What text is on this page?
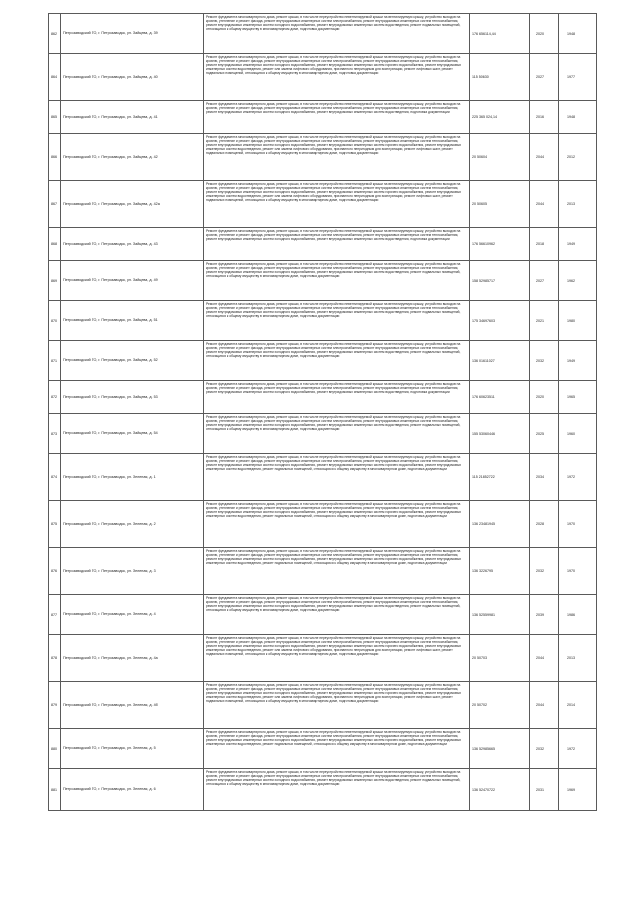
862	Петрозаводский ГО, г. Петрозаводск, ул. Зайцева, д. 39	Ремонт фундамента многоквартирного дома, ремонт крыши, в том числе переустройство невентилируемой крыши на вентилируемую крышу, устройство выходов на кровлю, утепление и ремонт фасада, ремонт внутридомовых инженерных систем электроснабжения, ремонт внутридомовых инженерных систем теплоснабжения, ремонт внутридомовых инженерных систем холодного водоснабжения, ремонт внутридомовых инженерных систем водоотведения, ремонт подвальных помещений, относящихся к общему имуществу в многоквартирном доме, подготовка документации	176 656114,44	2020	1948
864	Петрозаводский ГО, г. Петрозаводск, ул. Зайцева, д. 40	Ремонт фундамента многоквартирного дома, ремонт крыши, в том числе переустройство невентилируемой крыши на вентилируемую крышу, устройство выходов на кровлю, утепление и ремонт фасада, ремонт внутридомовых инженерных систем электроснабжения, ремонт внутридомовых инженерных систем теплоснабжения, ремонт внутридомовых инженерных систем холодного водоснабжения, ремонт внутридомовых инженерных систем горячего водоснабжения, ремонт внутридомовых инженерных систем водоотведения, ремонт или замена лифтового оборудования, признанного непригодным для эксплуатации, ремонт лифтовых шахт, ремонт подвальных помещений, относящихся к общему имуществу в многоквартирном доме, подготовка документации	115 50630	2027	1977
865	Петрозаводский ГО, г. Петрозаводск, ул. Зайцева, д. 41	Ремонт фундамента многоквартирного дома, ремонт крыши, в том числе переустройство невентилируемой крыши на вентилируемую крышу, устройство выходов на кровлю, утепление и ремонт фасада, ремонт внутридомовых инженерных систем электроснабжения, ремонт внутридомовых инженерных систем теплоснабжения, ремонт внутридомовых инженерных систем холодного водоснабжения, ремонт внутридомовых инженерных систем водоотведения, подготовка документации	225 365 024,14	2016	1948
866	Петрозаводский ГО, г. Петрозаводск, ул. Зайцева, д. 42	Ремонт фундамента многоквартирного дома, ремонт крыши, в том числе переустройство невентилируемой крыши на вентилируемую крышу, устройство выходов на кровлю, утепление и ремонт фасада, ремонт внутридомовых инженерных систем электроснабжения, ремонт внутридомовых инженерных систем теплоснабжения, ремонт внутридомовых инженерных систем холодного водоснабжения, ремонт внутридомовых инженерных систем горячего водоснабжения, ремонт внутридомовых инженерных систем водоотведения, ремонт или замена лифтового оборудования, признанного непригодным для эксплуатации, ремонт лифтовых шахт, ремонт подвальных помещений, относящихся к общему имуществу в многоквартирном доме, подготовка документации	20 50604	2044	2012
867	Петрозаводский ГО, г. Петрозаводск, ул. Зайцева, д. 42а	Ремонт фундамента многоквартирного дома, ремонт крыши, в том числе переустройство невентилируемой крыши на вентилируемую крышу, устройство выходов на кровлю, утепление и ремонт фасада, ремонт внутридомовых инженерных систем электроснабжения, ремонт внутридомовых инженерных систем теплоснабжения, ремонт внутридомовых инженерных систем холодного водоснабжения, ремонт внутридомовых инженерных систем горячего водоснабжения, ремонт внутридомовых инженерных систем водоотведения, ремонт или замена лифтового оборудования, признанного непригодным для эксплуатации, ремонт лифтовых шахт, ремонт подвальных помещений, относящихся к общему имуществу в многоквартирном доме, подготовка документации	20 50605	2044	2013
868	Петрозаводский ГО, г. Петрозаводск, ул. Зайцева, д. 43	Ремонт фундамента многоквартирного дома, ремонт крыши, в том числе переустройство невентилируемой крыши на вентилируемую крышу, устройство выходов на кровлю, утепление и ремонт фасада, ремонт внутридомовых инженерных систем электроснабжения, ремонт внутридомовых инженерных систем теплоснабжения, ремонт внутридомовых инженерных систем холодного водоснабжения, ремонт внутридомовых инженерных систем водоотведения, подготовка документации	176 56610962	2018	1949
869	Петрозаводский ГО, г. Петрозаводск, ул. Зайцева, д. 49	Ремонт фундамента многоквартирного дома, ремонт крыши, в том числе переустройство невентилируемой крыши на вентилируемую крышу, устройство выходов на кровлю, утепление и ремонт фасада, ремонт внутридомовых инженерных систем электроснабжения, ремонт внутридомовых инженерных систем теплоснабжения, ремонт внутридомовых инженерных систем холодного водоснабжения, ремонт внутридомовых инженерных систем водоотведения, ремонт подвальных помещений, относящихся к общему имуществу в многоквартирном доме, подготовка документации	158 52985717	2027	1962
870	Петрозаводский ГО, г. Петрозаводск, ул. Зайцева, д. 51	Ремонт фундамента многоквартирного дома, ремонт крыши, в том числе переустройство невентилируемой крыши на вентилируемую крышу, устройство выходов на кровлю, утепление и ремонт фасада, ремонт внутридомовых инженерных систем электроснабжения, ремонт внутридомовых инженерных систем теплоснабжения, ремонт внутридомовых инженерных систем холодного водоснабжения, ремонт внутридомовых инженерных систем водоотведения, ремонт подвальных помещений, относящихся к общему имуществу в многоквартирном доме, подготовка документации	175 34697603	2021	1980
871	Петрозаводский ГО, г. Петрозаводск, ул. Зайцева, д. 52	Ремонт фундамента многоквартирного дома, ремонт крыши, в том числе переустройство невентилируемой крыши на вентилируемую крышу, устройство выходов на кровлю, утепление и ремонт фасада, ремонт внутридомовых инженерных систем электроснабжения, ремонт внутридомовых инженерных систем теплоснабжения, ремонт внутридомовых инженерных систем холодного водоснабжения, ремонт внутридомовых инженерных систем водоотведения, ремонт подвальных помещений, относящихся к общему имуществу в многоквартирном доме, подготовка документации	136 01611027	2032	1949
872	Петрозаводский ГО, г. Петрозаводск, ул. Зайцева, д. 53	Ремонт фундамента многоквартирного дома, ремонт крыши, в том числе переустройство невентилируемой крыши на вентилируемую крышу, устройство выходов на кровлю, утепление и ремонт фасада, ремонт внутридомовых инженерных систем электроснабжения, ремонт внутридомовых инженерных систем теплоснабжения, ремонт внутридомовых инженерных систем холодного водоснабжения, ремонт внутридомовых инженерных систем водоотведения, подготовка документации	176 60623511	2020	1965
873	Петрозаводский ГО, г. Петрозаводск, ул. Зайцева, д. 54	Ремонт фундамента многоквартирного дома, ремонт крыши, в том числе переустройство невентилируемой крыши на вентилируемую крышу, устройство выходов на кровлю, утепление и ремонт фасада, ремонт внутридомовых инженерных систем электроснабжения, ремонт внутридомовых инженерных систем теплоснабжения, ремонт внутридомовых инженерных систем холодного водоснабжения, ремонт внутридомовых инженерных систем водоотведения, ремонт подвальных помещений, относящихся к общему имуществу в многоквартирном доме, подготовка документации	155 53060446	2025	1960
874	Петрозаводский ГО, г. Петрозаводск, ул. Зеленая, д. 1	Ремонт фундамента многоквартирного дома, ремонт крыши, в том числе переустройство невентилируемой крыши на вентилируемую крышу, устройство выходов на кровлю, утепление и ремонт фасада, ремонт внутридомовых инженерных систем электроснабжения, ремонт внутридомовых инженерных систем теплоснабжения, ремонт внутридомовых инженерных систем холодного водоснабжения, ремонт внутридомовых инженерных систем горячего водоснабжения, ремонт внутридомовых инженерных систем водоотведения, ремонт подвальных помещений, относящихся к общему имуществу в многоквартирном доме, подготовка документации	115 21852722	2034	1972
875	Петрозаводский ГО, г. Петрозаводск, ул. Зеленая, д. 2	Ремонт фундамента многоквартирного дома, ремонт крыши, в том числе переустройство невентилируемой крыши на вентилируемую крышу, устройство выходов на кровлю, утепление и ремонт фасада, ремонт внутридомовых инженерных систем электроснабжения, ремонт внутридомовых инженерных систем теплоснабжения, ремонт внутридомовых инженерных систем холодного водоснабжения, ремонт внутридомовых инженерных систем горячего водоснабжения, ремонт внутридомовых инженерных систем водоотведения, ремонт подвальных помещений, относящихся к общему имуществу в многоквартирном доме, подготовка документации	136 23481945	2028	1970
876	Петрозаводский ГО, г. Петрозаводск, ул. Зеленая, д. 3	Ремонт фундамента многоквартирного дома, ремонт крыши, в том числе переустройство невентилируемой крыши на вентилируемую крышу, устройство выходов на кровлю, утепление и ремонт фасада, ремонт внутридомовых инженерных систем электроснабжения, ремонт внутридомовых инженерных систем теплоснабжения, ремонт внутридомовых инженерных систем холодного водоснабжения, ремонт внутридомовых инженерных систем горячего водоснабжения, ремонт внутридомовых инженерных систем водоотведения, ремонт подвальных помещений, относящихся к общему имуществу в многоквартирном доме, подготовка документации	136 3226795	2032	1970
877	Петрозаводский ГО, г. Петрозаводск, ул. Зеленая, д. 4	Ремонт фундамента многоквартирного дома, ремонт крыши, в том числе переустройство невентилируемой крыши на вентилируемую крышу, устройство выходов на кровлю, утепление и ремонт фасада, ремонт внутридомовых инженерных систем электроснабжения, ремонт внутридомовых инженерных систем теплоснабжения, ремонт внутридомовых инженерных систем холодного водоснабжения, ремонт внутридомовых инженерных систем водоотведения, ремонт подвальных помещений, относящихся к общему имуществу в многоквартирном доме, подготовка документации	136 52559981	2039	1986
878	Петрозаводский ГО, г. Петрозаводск, ул. Зеленая, д. 4а	Ремонт фундамента многоквартирного дома, ремонт крыши, в том числе переустройство невентилируемой крыши на вентилируемую крышу, устройство выходов на кровлю, утепление и ремонт фасада, ремонт внутридомовых инженерных систем электроснабжения, ремонт внутридомовых инженерных систем теплоснабжения, ремонт внутридомовых инженерных систем холодного водоснабжения, ремонт внутридомовых инженерных систем горячего водоснабжения, ремонт внутридомовых инженерных систем водоотведения, ремонт или замена лифтового оборудования, признанного непригодным для эксплуатации, ремонт лифтовых шахт, ремонт подвальных помещений, относящихся к общему имуществу в многоквартирном доме, подготовка документации	20 50703	2044	2013
879	Петрозаводский ГО, г. Петрозаводск, ул. Зеленая, д. 4б	Ремонт фундамента многоквартирного дома, ремонт крыши, в том числе переустройство невентилируемой крыши на вентилируемую крышу, устройство выходов на кровлю, утепление и ремонт фасада, ремонт внутридомовых инженерных систем электроснабжения, ремонт внутридомовых инженерных систем теплоснабжения, ремонт внутридомовых инженерных систем холодного водоснабжения, ремонт внутридомовых инженерных систем горячего водоснабжения, ремонт внутридомовых инженерных систем водоотведения, ремонт или замена лифтового оборудования, признанного непригодным для эксплуатации, ремонт лифтовых шахт, ремонт подвальных помещений, относящихся к общему имуществу в многоквартирном доме, подготовка документации	20 50702	2044	2014
880	Петрозаводский ГО, г. Петрозаводск, ул. Зеленая, д. 5	Ремонт фундамента многоквартирного дома, ремонт крыши, в том числе переустройство невентилируемой крыши на вентилируемую крышу, устройство выходов на кровлю, утепление и ремонт фасада, ремонт внутридомовых инженерных систем электроснабжения, ремонт внутридомовых инженерных систем теплоснабжения, ремонт внутридомовых инженерных систем холодного водоснабжения, ремонт внутридомовых инженерных систем горячего водоснабжения, ремонт внутридомовых инженерных систем водоотведения, ремонт подвальных помещений, относящихся к общему имуществу в многоквартирном доме, подготовка документации	136 52985665	2032	1972
881	Петрозаводский ГО, г. Петрозаводск, ул. Зеленая, д. 6	Ремонт фундамента многоквартирного дома, ремонт крыши, в том числе переустройство невентилируемой крыши на вентилируемую крышу, устройство выходов на кровлю, утепление и ремонт фасада, ремонт внутридомовых инженерных систем электроснабжения, ремонт внутридомовых инженерных систем теплоснабжения, ремонт внутридомовых инженерных систем холодного водоснабжения, ремонт внутридомовых инженерных систем водоотведения, ремонт подвальных помещений, относящихся к общему имуществу в многоквартирном доме, подготовка документации	136 52470722	2031	1969
